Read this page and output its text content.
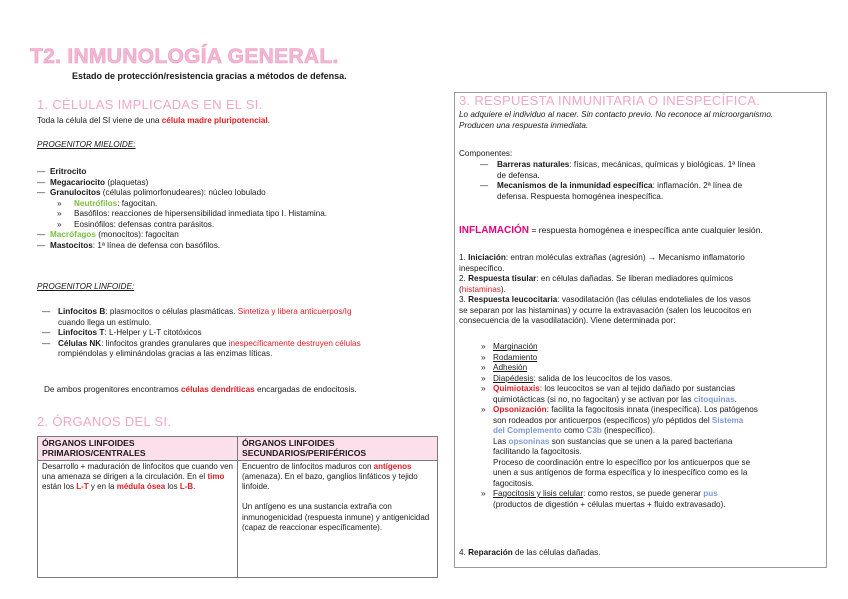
T2. INMUNOLOGÍA GENERAL.
Estado de protección/resistencia gracias a métodos de defensa.
1. CÉLULAS IMPLICADAS EN EL SI.
Toda la célula del SI viene de una célula madre pluripotencial.
PROGENITOR MIELOIDE:
— Eritrocito
— Megacariocito (plaquetas)
— Granulocitos (células polimorfonudeares): núcleo lobulado
» Neutrófilos: fagocitan.
» Basófilos: reacciones de hipersensibilidad inmediata tipo I. Histamina.
» Eosinófilos: defensas contra parásitos.
— Macrófagos (monocitos): fagocitan
— Mastocitos: 1ª línea de defensa con basófilos.
PROGENITOR LINFOIDE:
— Linfocitos B: plasmocitos o células plasmáticas. Sintetiza y libera anticuerpos/Ig
cuando llega un estímulo.
— Linfocitos T: L-Helper y L-T citotóxicos
— Células NK: linfocitos grandes granulares que inespecíficamente destruyen células
rompiéndolas y eliminándolas gracias a las enzimas líticas.
De ambos progenitores encontramos células dendríticas encargadas de endocitosis.
2. ÓRGANOS DEL SI.
ÓRGANOS LINFOIDES PRIMARIOS/CENTRALES	ÓRGANOS LINFOIDES SECUNDARIOS/PERIFÉRICOS
Desarrollo + maduración de linfocitos que cuando ven una amenaza se dirigen a la circulación. En el timo están los L-T y en la médula ósea los L-B.	Encuentro de linfocitos maduros con antígenos (amenaza). En el bazo, ganglios linfáticos y tejido linfoide.
Un antígeno es una sustancia extraña con inmunogenicidad (respuesta inmune) y antigenicidad (capaz de reaccionar específicamente).
3. RESPUESTA INMUNITARIA O INESPECÍFICA.
Lo adquiere el individuo al nacer. Sin contacto previo. No reconoce al microorganismo.
Producen una respuesta inmediata.
Componentes:
— Barreras naturales: físicas, mecánicas, químicas y biológicas. 1ª línea
de defensa.
— Mecanismos de la inmunidad específica: inflamación. 2ª línea de
defensa. Respuesta homogénea inespecífica.
INFLAMACIÓN = respuesta homogénea e inespecífica ante cualquier lesión.
1. Iniciación: entran moléculas extrañas (agresión) → Mecanismo inflamatorio
inespecífico.
2. Respuesta tisular: en células dañadas. Se liberan mediadores químicos
(histaminas).
3. Respuesta leucocitaria: vasodilatación (las células endoteliales de los vasos
se separan por las histaminas) y ocurre la extravasación (salen los leucocitos en
consecuencia de la vasodilatación). Viene determinada por:
» Marginación
» Rodamiento
» Adhesión
» Diapédesis: salida de los leucocitos de los vasos.
» Quimiotaxis: los leucocitos se van al tejido dañado por sustancias
quimiotácticas (si no, no fagocitan) y se activan por las citoquinas.
» Opsonización: facilita la fagocitosis innata (inespecífica). Los patógenos
son rodeados por anticuerpos (específicos) y/o péptidos del Sistema
del Complemento como C3b (inespecífico).
Las opsoninas son sustancias que se unen a la pared bacteriana
facilitando la fagocitosis.
Proceso de coordinación entre lo específico por los anticuerpos que se
unen a sus antígenos de forma específica y lo inespecífico como es la
fagocitosis.
» Fagocitosis y lisis celular: como restos, se puede generar pus
(productos de digestión + células muertas + fluido extravasado).
4. Reparación de las células dañadas.
